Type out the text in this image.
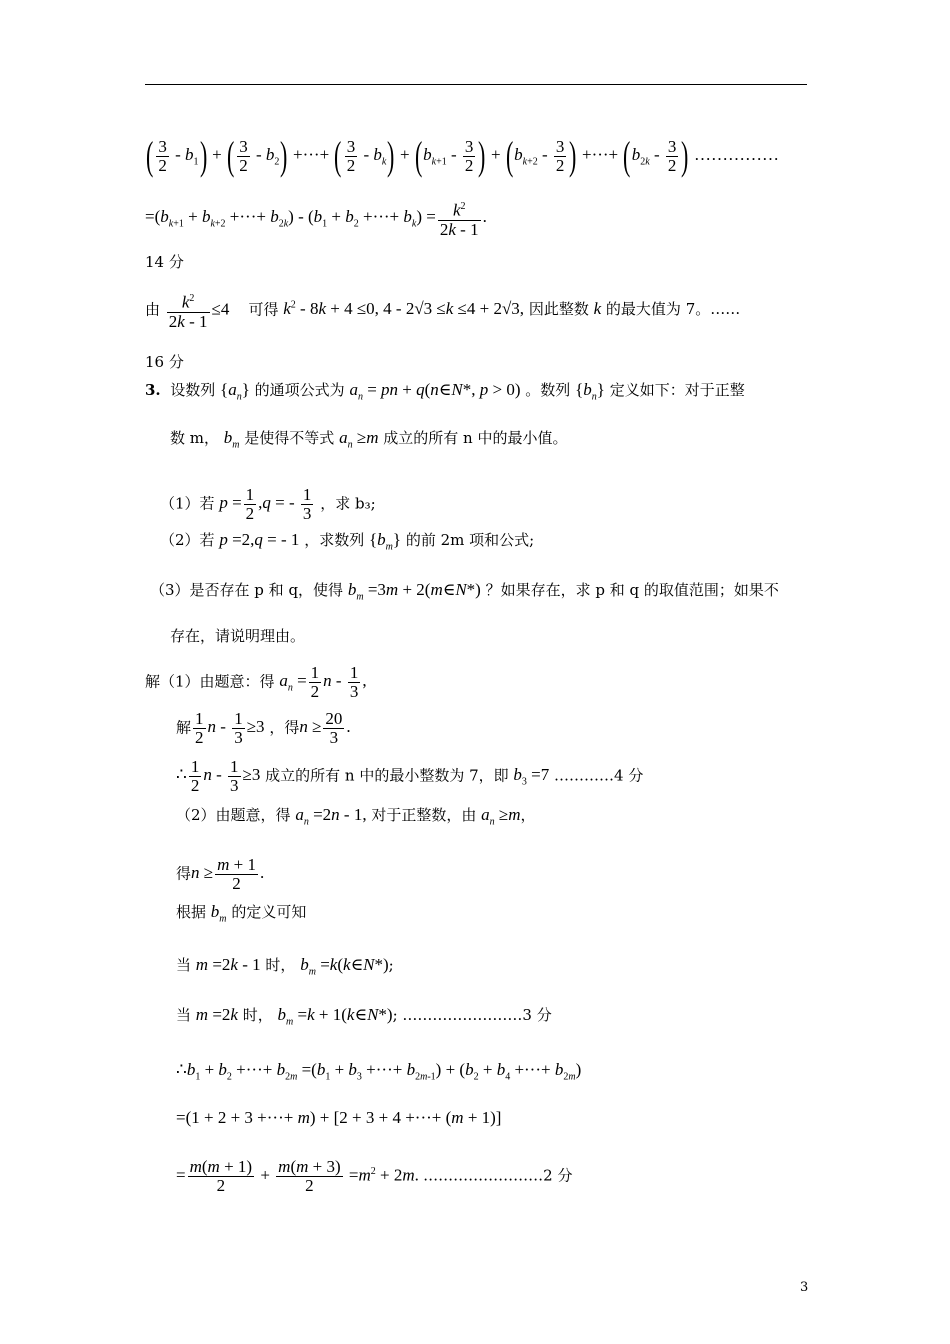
( $\frac{3}{2} - b_1$) + ( $\frac{3}{2} - b_2$) +···+ ( $\frac{3}{2} - b_k) + (b_{k+1} - \frac{3}{2}$ ) + ($b_{k+2} - \frac{3}{2}$ ) +···+ ($b_{2k} - \frac{3}{2}$ ) ……………
$=(b_{k+1} + b_{k+2}$ +···+ $b_{2k}) - (b_1 + b_2$ +···+ $b_k) = \frac{k^2}{2k - 1}$ .
14 分
由 $\frac{k^2}{2k - 1} \le 4$ 可得 $k^2 - 8k + 4 \le 0$, 4 - 2√3 ≤k ≤4 + 2√3, 因此整数 k 的最大值为 7。……
16 分
3. 设数列 $\{a_n\}$ 的通项公式为 $a_n$ = pn + q(n∈N*, p > 0) 。数列 $\{b_n\}$ 定义如下：对于正整
数 m， $b_m$ 是使得不等式 $a_n \ge m$ 成立的所有 n 中的最小值。
（1）若 $p = \frac{1}{2} ,q$ = - $\frac{1}{3}$ ，求 b₃;
（2）若 p =2,q = - 1 ，求数列 $\{b_m\}$ 的前 2m 项和公式;
（3）是否存在 p 和 q，使得 $b_m =3m$ + 2(m∈N*) ？如果存在，求 p 和 q 的取值范围；如果不
存在，请说明理由。
解（1）由题意：得 $a_n = \frac{1}{2}$ n - $\frac{1}{3}$ ,
解 $\frac{1}{2}$ $n - \frac{1}{3} \ge 3$ ，得$n \ge \frac{20}{3}$ .
∴ $\frac{1}{2}$ $n - \frac{1}{3} \ge 3$ 成立的所有 n 中的最小整数为 7，即 $b_3 =7$ …………4 分
（2）由题意，得 $a_n =2n - 1$, 对于正整数，由 $a_n \ge m$，
得$n \ge \frac{m + 1}{2}$ .
根据 $b_m$ 的定义可知
当 m =2k - 1 时， $b_m$ =k(k∈N*);
当 m =2k 时， $b_m =k$ + 1(k∈N*); ……………………3 分
$\therefore b_1 + b_2$ +···+ $b_{2m} =(b_1 + b_3$ +···+ $b_{2m-1}) + (b_2 + b_4$ +···+ $b_{2m}$)
=(1 + 2 + 3 +···+ m) + [2 + 3 + 4 +···+ (m + 1)]
= $\frac{m(m + 1)}{2} + \frac{m(m + 3)}{2} =m^2 + 2m$. ……………………2 分
3
